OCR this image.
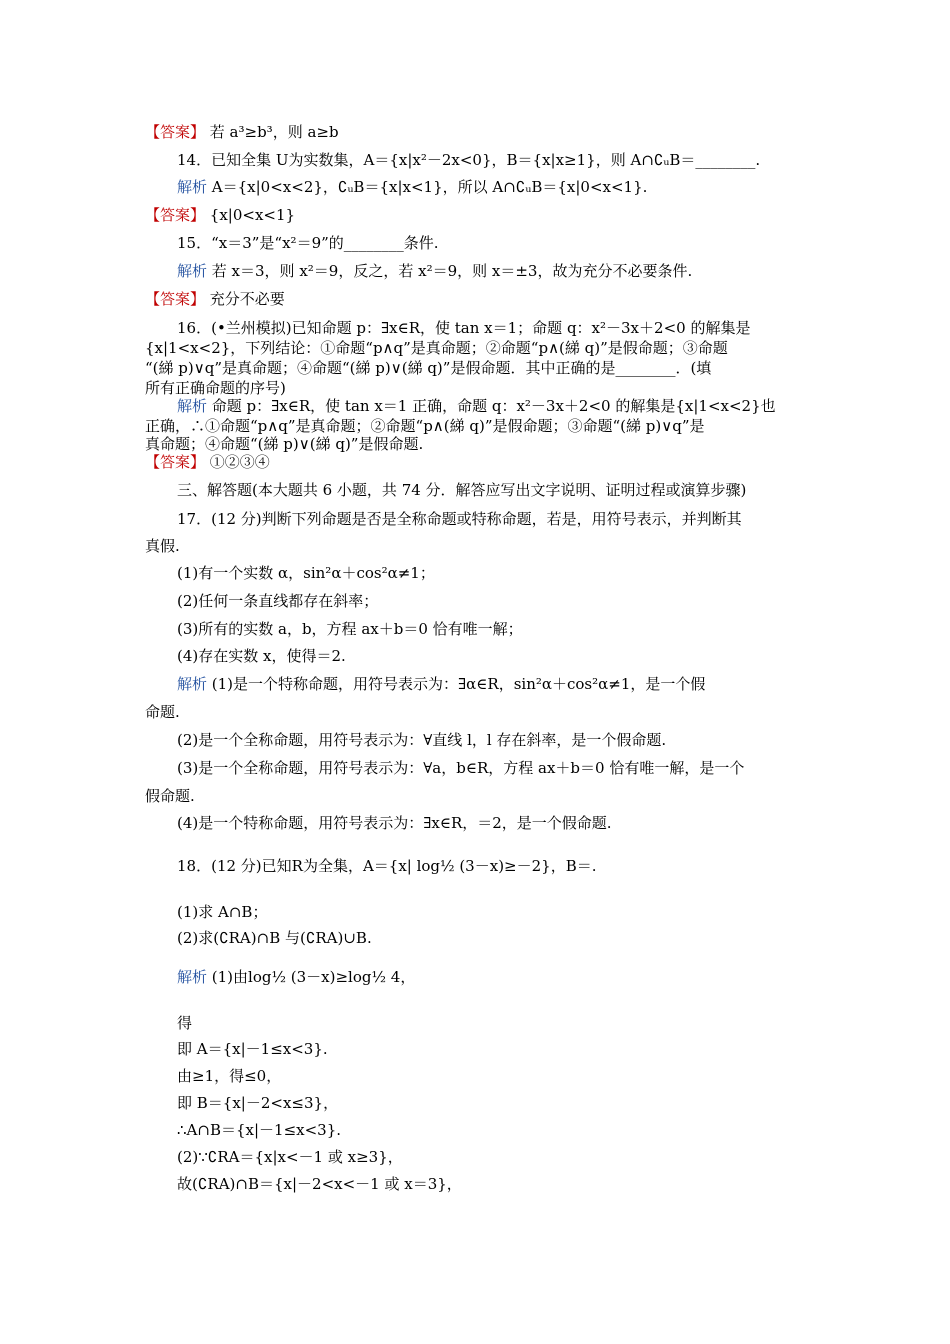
【答案】 若 a³≥b³，则 a≥b
14．已知全集 U为实数集，A＝{x|x²－2x<0}，B＝{x|x≥1}，则 A∩∁ᵤB＝________.
解析 A＝{x|0<x<2}，∁ᵤB＝{x|x<1}，所以 A∩∁ᵤB＝{x|0<x<1}.
【答案】 {x|0<x<1}
15．“x＝3”是“x²＝9”的________条件.
解析 若 x＝3，则 x²＝9，反之，若 x²＝9，则 x＝±3，故为充分不必要条件.
【答案】 充分不必要
16．(•兰州模拟)已知命题 p：∃x∈R，使 tan x＝1；命题 q：x²－3x＋2<0 的解集是
{x|1<x<2}，下列结论：①命题“p∧q”是真命题；②命题“p∧(綈 q)”是假命题；③命题
“(綈 p)∨q”是真命题；④命题“(綈 p)∨(綈 q)”是假命题．其中正确的是________．(填
所有正确命题的序号)
解析 命题 p：∃x∈R，使 tan x＝1 正确，命题 q：x²－3x＋2<0 的解集是{x|1<x<2}也
正确，∴①命题“p∧q”是真命题；②命题“p∧(綈 q)”是假命题；③命题“(綈 p)∨q”是
真命题；④命题“(綈 p)∨(綈 q)”是假命题.
【答案】 ①②③④
三、解答题(本大题共 6 小题，共 74 分．解答应写出文字说明、证明过程或演算步骤)
17．(12 分)判断下列命题是否是全称命题或特称命题，若是，用符号表示，并判断其
真假.
(1)有一个实数 α，sin²α＋cos²α≠1；
(2)任何一条直线都存在斜率；
(3)所有的实数 a，b，方程 ax＋b＝0 恰有唯一解；
(4)存在实数 x，使得＝2.
解析 (1)是一个特称命题，用符号表示为：∃α∈R，sin²α＋cos²α≠1，是一个假
命题.
(2)是一个全称命题，用符号表示为：∀直线 l，l 存在斜率，是一个假命题.
(3)是一个全称命题，用符号表示为：∀a，b∈R，方程 ax＋b＝0 恰有唯一解，是一个
假命题.
(4)是一个特称命题，用符号表示为：∃x∈R，＝2，是一个假命题.
18．(12 分)已知R为全集，A＝{x| log½ (3－x)≥－2}，B＝.
(1)求 A∩B；
(2)求(∁RA)∩B 与(∁RA)∪B.
解析 (1)由log½ (3－x)≥log½ 4，
得
即 A＝{x|－1≤x<3}.
由≥1，得≤0，
即 B＝{x|－2<x≤3}，
∴A∩B＝{x|－1≤x<3}.
(2)∵∁RA＝{x|x<－1 或 x≥3}，
故(∁RA)∩B＝{x|－2<x<－1 或 x＝3}，
